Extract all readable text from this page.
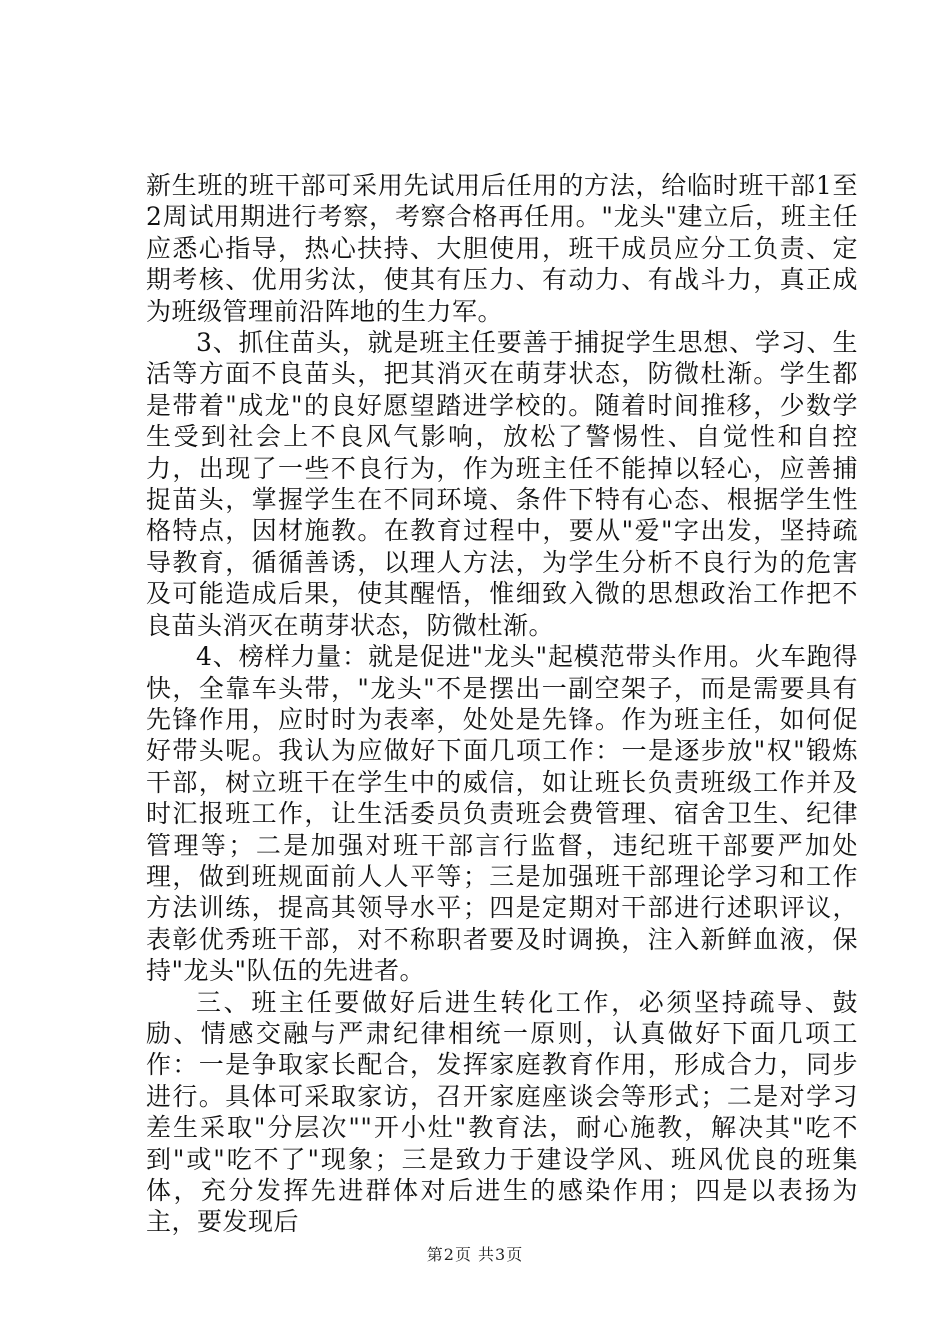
新生班的班干部可采用先试用后任用的方法，给临时班干部1至2周试用期进行考察，考察合格再任用。"龙头"建立后，班主任应悉心指导，热心扶持、大胆使用，班干成员应分工负责、定期考核、优用劣汰，使其有压力、有动力、有战斗力，真正成为班级管理前沿阵地的生力军。

3、抓住苗头，就是班主任要善于捕捉学生思想、学习、生活等方面不良苗头，把其消灭在萌芽状态，防微杜渐。学生都是带着"成龙"的良好愿望踏进学校的。随着时间推移，少数学生受到社会上不良风气影响，放松了警惕性、自觉性和自控力，出现了一些不良行为，作为班主任不能掉以轻心，应善捕捉苗头，掌握学生在不同环境、条件下特有心态、根据学生性格特点，因材施教。在教育过程中，要从"爱"字出发，坚持疏导教育，循循善诱，以理人方法，为学生分析不良行为的危害及可能造成后果，使其醒悟，惟细致入微的思想政治工作把不良苗头消灭在萌芽状态，防微杜渐。

4、榜样力量：就是促进"龙头"起模范带头作用。火车跑得快，全靠车头带，"龙头"不是摆出一副空架子，而是需要具有先锋作用，应时时为表率，处处是先锋。作为班主任，如何促好带头呢。我认为应做好下面几项工作：一是逐步放"权"锻炼干部，树立班干在学生中的威信，如让班长负责班级工作并及时汇报班工作，让生活委员负责班会费管理、宿舍卫生、纪律管理等；二是加强对班干部言行监督，违纪班干部要严加处理，做到班规面前人人平等；三是加强班干部理论学习和工作方法训练，提高其领导水平；四是定期对干部进行述职评议，表彰优秀班干部，对不称职者要及时调换，注入新鲜血液，保持"龙头"队伍的先进者。

三、班主任要做好后进生转化工作，必须坚持疏导、鼓励、情感交融与严肃纪律相统一原则，认真做好下面几项工作：一是争取家长配合，发挥家庭教育作用，形成合力，同步进行。具体可采取家访，召开家庭座谈会等形式；二是对学习差生采取"分层次""开小灶"教育法，耐心施教，解决其"吃不到"或"吃不了"现象；三是致力于建设学风、班风优良的班集体，充分发挥先进群体对后进生的感染作用；四是以表扬为主，要发现后

第2页 共3页
